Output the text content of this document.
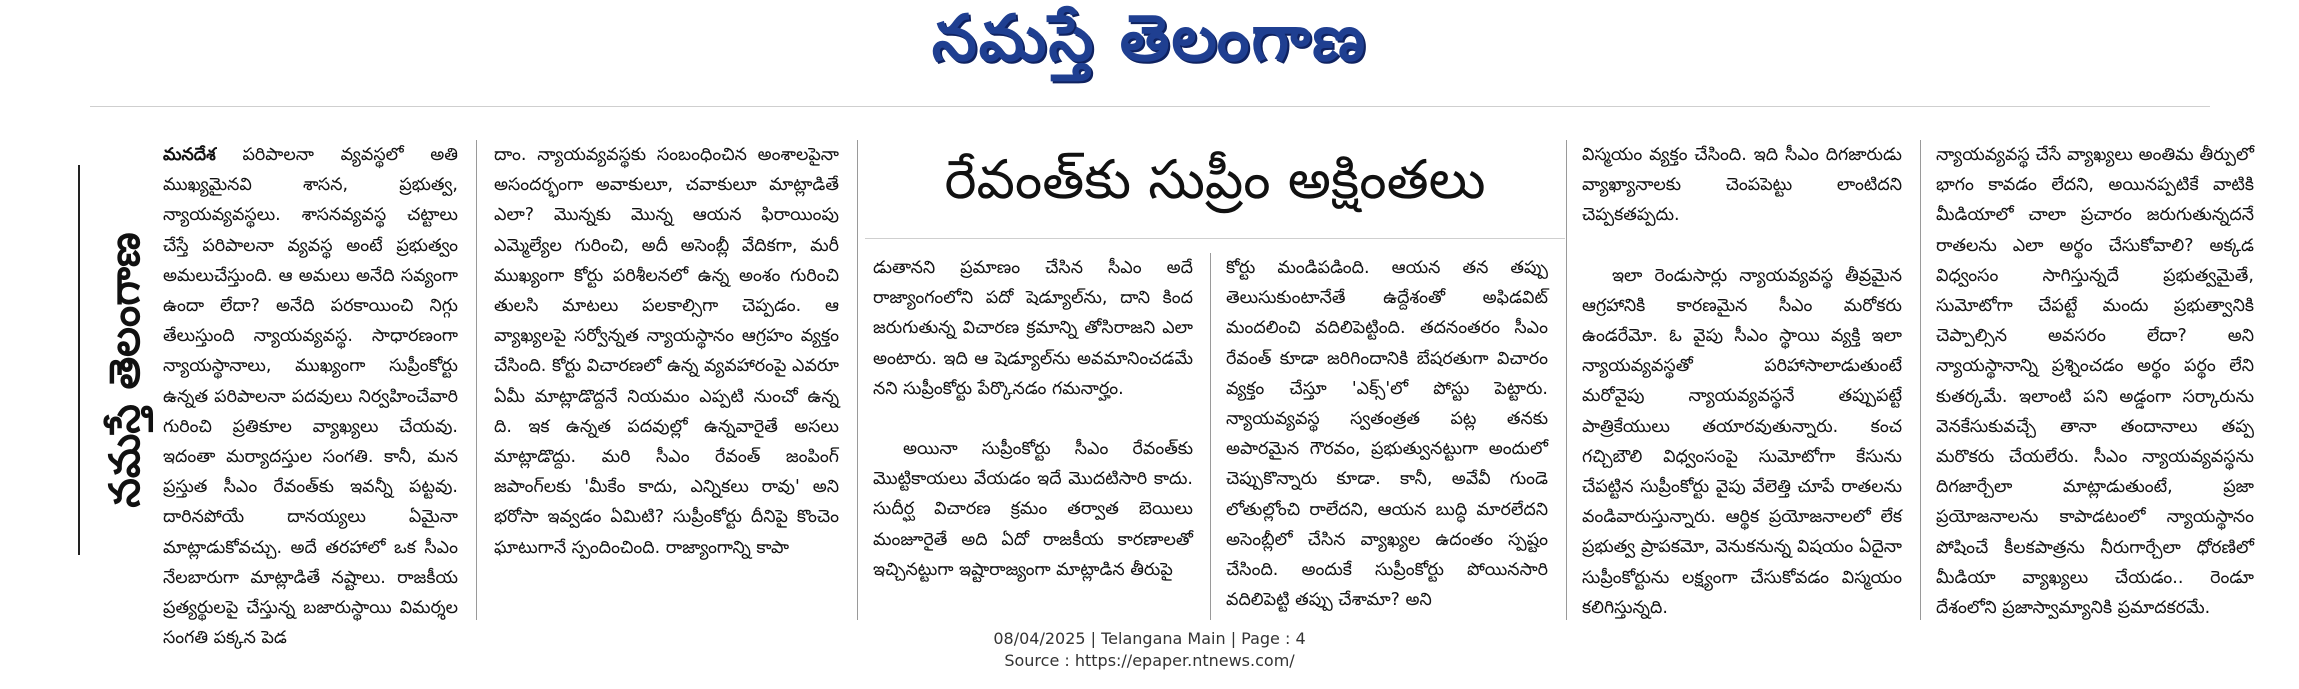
నమస్తే తెలంగాణ
నమస్తే తెలంగాణ
రేవంత్‌కు సుప్రీం అక్షింతలు

మనదేశ పరిపాలనా వ్యవస్థలో అతి ముఖ్యమైనవి శాసన, ప్రభుత్వ, న్యాయవ్యవస్థలు. శాసనవ్యవస్థ చట్టాలు చేస్తే పరిపాలనా వ్యవస్థ అంటే ప్రభుత్వం అమలుచేస్తుంది. ఆ అమలు అనేది సవ్యంగా ఉందా లేదా? అనేది పరకాయించి నిగ్గు తేలుస్తుంది న్యాయవ్యవస్థ. సాధారణంగా న్యాయస్థానాలు, ముఖ్యంగా సుప్రీంకోర్టు ఉన్నత పరిపాలనా పదవులు నిర్వహించేవారి గురించి ప్రతికూల వ్యాఖ్యలు చేయవు. ఇదంతా మర్యాదస్తుల సంగతి. కానీ, మన ప్రస్తుత సీఎం రేవంత్‌కు ఇవన్నీ పట్టవు. దారినపోయే దానయ్యలు ఏమైనా మాట్లాడుకోవచ్చు. అదే తరహాలో ఒక సీఎం నేలబారుగా మాట్లాడితే నష్టాలు. రాజకీయ ప్రత్యర్థులపై చేస్తున్న బజారుస్థాయి విమర్శల సంగతి పక్కన పెడ

దాం. న్యాయవ్యవస్థకు సంబంధించిన అంశాలపైనా అసందర్భంగా అవాకులూ, చవాకులూ మాట్లాడితే ఎలా? మొన్నకు మొన్న ఆయన ఫిరాయింపు ఎమ్మెల్యేల గురించి, అదీ అసెంబ్లీ వేదికగా, మరీ ముఖ్యంగా కోర్టు పరిశీలనలో ఉన్న అంశం గురించి తులసి మాటలు పలకాల్సిగా చెప్పడం. ఆ వ్యాఖ్యలపై సర్వోన్నత న్యాయస్థానం ఆగ్రహం వ్యక్తం చేసింది. కోర్టు విచారణలో ఉన్న వ్యవహారంపై ఎవరూ ఏమీ మాట్లాడొద్దనే నియమం ఎప్పటి నుంచో ఉన్న ది. ఇక ఉన్నత పదవుల్లో ఉన్నవారైతే అసలు మాట్లాడొద్దు. మరి సీఎం రేవంత్ జంపింగ్ జపాంగ్‌లకు 'మీకేం కాదు, ఎన్నికలు రావు' అని భరోసా ఇవ్వడం ఏమిటి? సుప్రీంకోర్టు దీనిపై కొంచెం ఘాటుగానే స్పందించింది. రాజ్యాంగాన్ని కాపా

డుతానని ప్రమాణం చేసిన సీఎం అదే రాజ్యాంగంలోని పదో షెడ్యూల్‌ను, దాని కింద జరుగుతున్న విచారణ క్రమాన్ని తోసిరాజని ఎలా అంటారు. ఇది ఆ షెడ్యూల్‌ను అవమానించడమే నని సుప్రీంకోర్టు పేర్కొనడం గమనార్హం.

అయినా సుప్రీంకోర్టు సీఎం రేవంత్‌కు మొట్టికాయలు వేయడం ఇదే మొదటిసారి కాదు. సుదీర్ఘ విచారణ క్రమం తర్వాత బెయిలు మంజూరైతే అది ఏదో రాజకీయ కారణాలతో ఇచ్చినట్టుగా ఇష్టారాజ్యంగా మాట్లాడిన తీరుపై

కోర్టు మండిపడింది. ఆయన తన తప్పు తెలుసుకుంటానేతే ఉద్దేశంతో అఫిడవిట్ మందలించి వదిలిపెట్టింది. తదనంతరం సీఎం రేవంత్ కూడా జరిగిందానికి బేషరతుగా విచారం వ్యక్తం చేస్తూ 'ఎక్స్'లో పోస్టు పెట్టారు. న్యాయవ్యవస్థ స్వతంత్రత పట్ల తనకు అపారమైన గౌరవం, ప్రభుత్వునట్టుగా అందులో చెప్పుకొన్నారు కూడా. కానీ, అవేవీ గుండె లోతుల్లోంచి రాలేదని, ఆయన బుద్ధి మారలేదని అసెంబ్లీలో చేసిన వ్యాఖ్యల ఉదంతం స్పష్టం చేసింది. అందుకే సుప్రీంకోర్టు పోయినసారి వదిలిపెట్టి తప్పు చేశామా? అని

విస్మయం వ్యక్తం చేసింది. ఇది సీఎం దిగజారుడు వ్యాఖ్యానాలకు చెంపపెట్టు లాంటిదని చెప్పకతప్పదు.

ఇలా రెండుసార్లు న్యాయవ్యవస్థ తీవ్రమైన ఆగ్రహానికి కారణమైన సీఎం మరోకరు ఉండరేమో. ఓ వైపు సీఎం స్థాయి వ్యక్తి ఇలా న్యాయవ్యవస్థతో పరిహాసాలాడుతుంటే మరోవైపు న్యాయవ్యవస్థనే తప్పుపట్టే పాత్రికేయులు తయారవుతున్నారు. కంచ గచ్చిబౌలి విధ్వంసంపై సుమోటోగా కేసును చేపట్టిన సుప్రీంకోర్టు వైపు వేలెత్తి చూపే రాతలను వండివారుస్తున్నారు. ఆర్థిక ప్రయోజనాలలో లేక ప్రభుత్వ ప్రాపకమో, వెనుకనున్న విషయం ఏదైనా సుప్రీంకోర్టును లక్ష్యంగా చేసుకోవడం విస్మయం కలిగిస్తున్నది.

న్యాయవ్యవస్థ చేసే వ్యాఖ్యలు అంతిమ తీర్పులో భాగం కావడం లేదని, అయినప్పటికే వాటికి మీడియాలో చాలా ప్రచారం జరుగుతున్నదనే రాతలను ఎలా అర్థం చేసుకోవాలి? అక్కడ విధ్వంసం సాగిస్తున్నదే ప్రభుత్వమైతే, సుమోటోగా చేపట్టే మందు ప్రభుత్వానికి చెప్పాల్సిన అవసరం లేదా? అని న్యాయస్థానాన్ని ప్రశ్నించడం అర్థం పర్థం లేని కుతర్కమే. ఇలాంటి పని అడ్డంగా సర్కారును వెనకేసుకువచ్చే తానా తందానాలు తప్ప మరొకరు చేయలేరు. సీఎం న్యాయవ్యవస్థను దిగజార్చేలా మాట్లాడుతుంటే, ప్రజా ప్రయోజనాలను కాపాడటంలో న్యాయస్థానం పోషించే కీలకపాత్రను నీరుగార్చేలా ధోరణిలో మీడియా వ్యాఖ్యలు చేయడం.. రెండూ దేశంలోని ప్రజాస్వామ్యానికి ప్రమాదకరమే.

08/04/2025 | Telangana Main | Page : 4
Source : https://epaper.ntnews.com/
